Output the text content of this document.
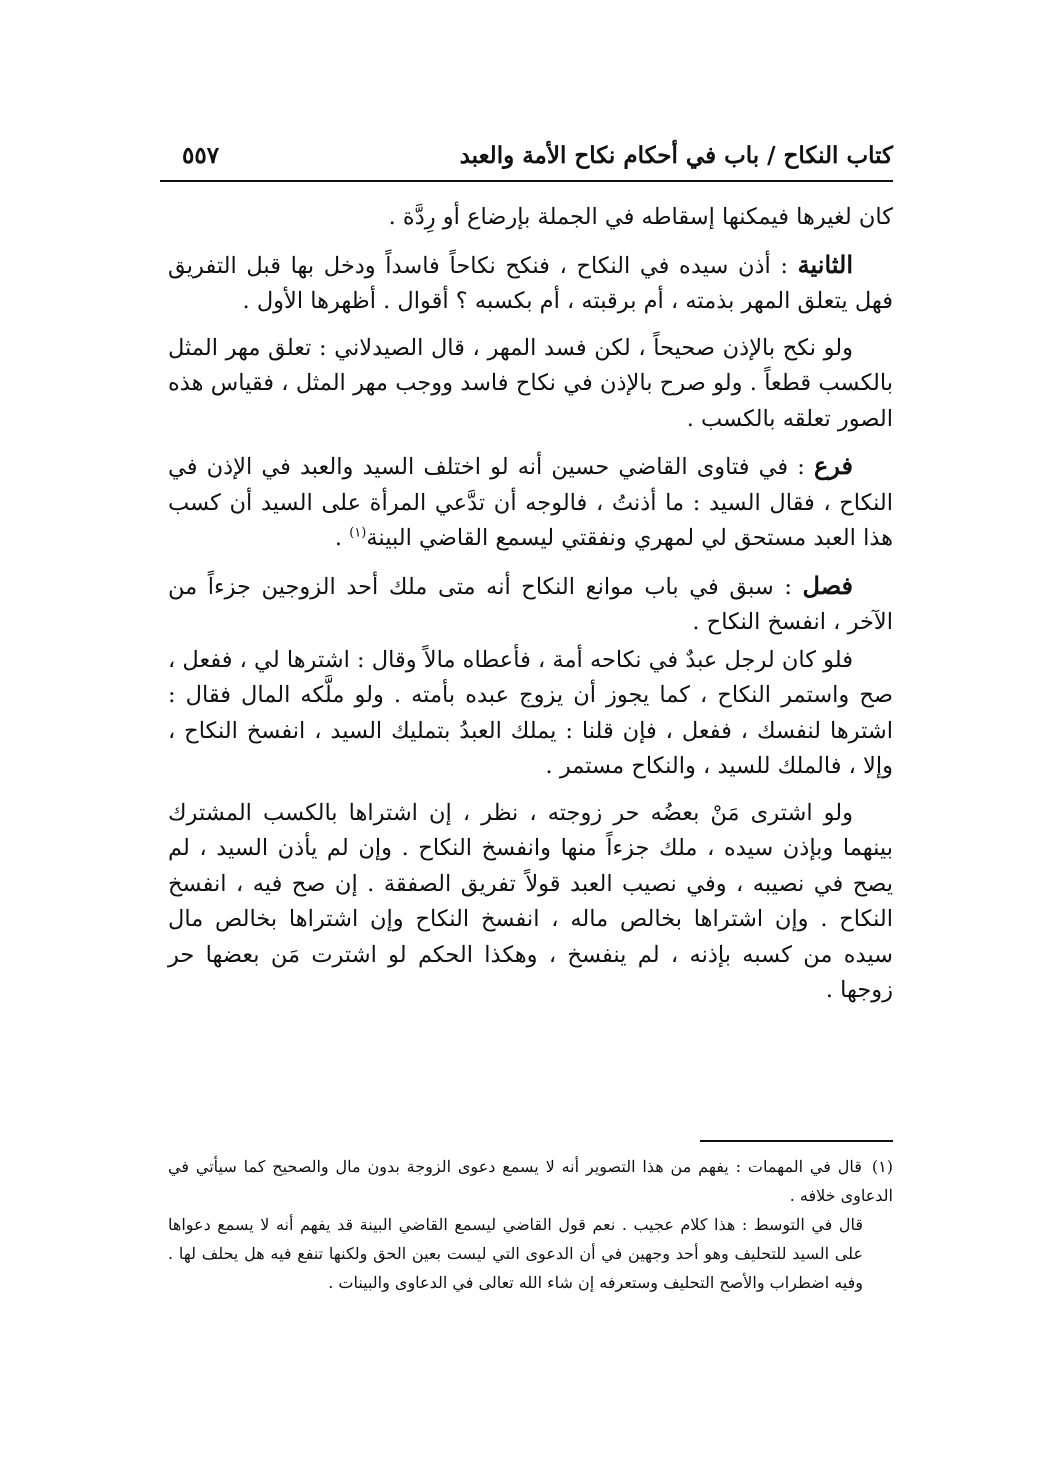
كتاب النكاح / باب في أحكام نكاح الأمة والعبد
٥٥٧

كان لغيرها فيمكنها إسقاطه في الجملة بإرضاع أو رِدَّة .

الثانية : أذن سيده في النكاح ، فنكح نكاحاً فاسداً ودخل بها قبل التفريق فهل يتعلق المهر بذمته ، أم برقبته ، أم بكسبه ؟ أقوال . أظهرها الأول .

ولو نكح بالإذن صحيحاً ، لكن فسد المهر ، قال الصيدلاني : تعلق مهر المثل بالكسب قطعاً . ولو صرح بالإذن في نكاح فاسد ووجب مهر المثل ، فقياس هذه الصور تعلقه بالكسب .

فرع : في فتاوى القاضي حسين أنه لو اختلف السيد والعبد في الإذن في النكاح ، فقال السيد : ما أذنتُ ، فالوجه أن تدَّعي المرأة على السيد أن كسب هذا العبد مستحق لي لمهري ونفقتي ليسمع القاضي البينة$^{(١)}$ .

فصل : سبق في باب موانع النكاح أنه متى ملك أحد الزوجين جزءاً من الآخر ، انفسخ النكاح .

فلو كان لرجل عبدٌ في نكاحه أمة ، فأعطاه مالاً وقال : اشترها لي ، ففعل ، صح واستمر النكاح ، كما يجوز أن يزوج عبده بأمته . ولو ملَّكه المال فقال : اشترها لنفسك ، ففعل ، فإن قلنا : يملك العبدُ بتمليك السيد ، انفسخ النكاح ، وإلا ، فالملك للسيد ، والنكاح مستمر .

ولو اشترى مَنْ بعضُه حر زوجته ، نظر ، إن اشتراها بالكسب المشترك بينهما وبإذن سيده ، ملك جزءاً منها وانفسخ النكاح . وإن لم يأذن السيد ، لم يصح في نصيبه ، وفي نصيب العبد قولاً تفريق الصفقة . إن صح فيه ، انفسخ النكاح . وإن اشتراها بخالص ماله ، انفسخ النكاح وإن اشتراها بخالص مال سيده من كسبه بإذنه ، لم ينفسخ ، وهكذا الحكم لو اشترت مَن بعضها حر زوجها .

(١)قال في المهمات : يفهم من هذا التصوير أنه لا يسمع دعوى الزوجة بدون مال والصحيح كما سيأتي في الدعاوى خلافه .

قال في التوسط : هذا كلام عجيب . نعم قول القاضي ليسمع القاضي البينة قد يفهم أنه لا يسمع دعواها على السيد للتحليف وهو أحد وجهين في أن الدعوى التي ليست بعين الحق ولكنها تنفع فيه هل يحلف لها . وفيه اضطراب والأصح التحليف وستعرفه إن شاء الله تعالى في الدعاوى والبينات .
